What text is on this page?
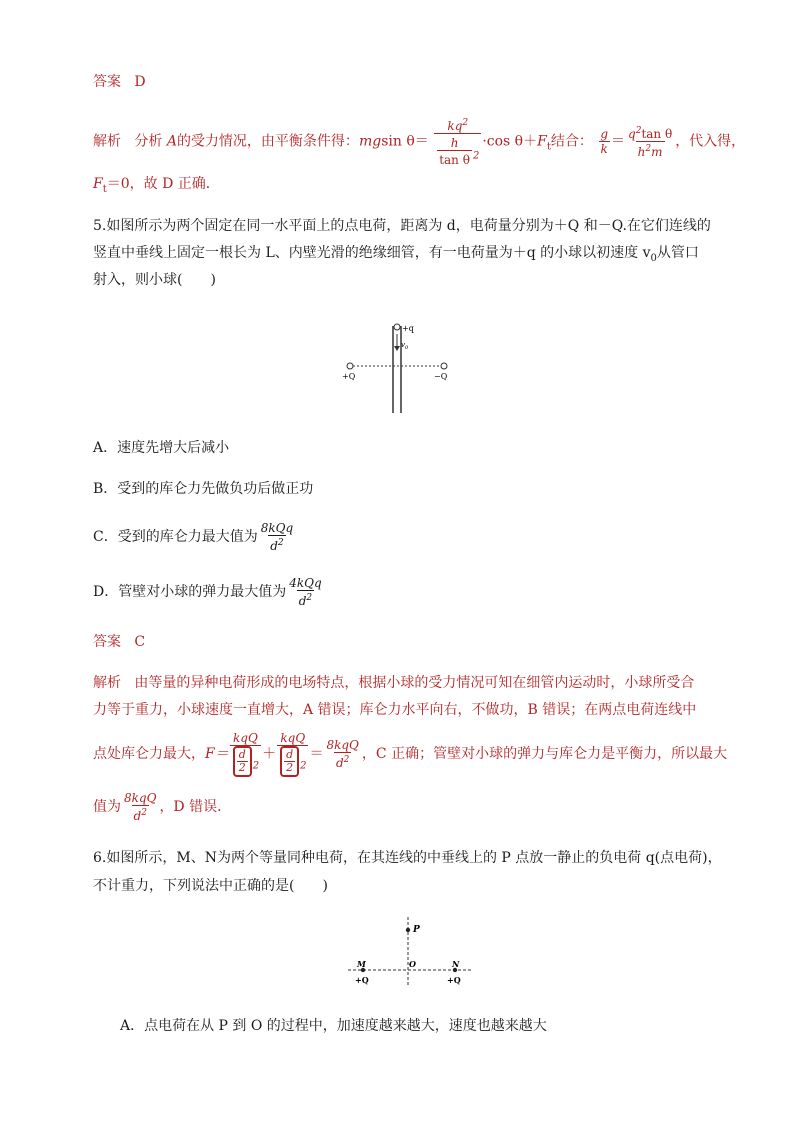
答案 D
解析 分析 A的受力情况，由平衡条件得：mgsin $\theta= \frac{kq^2}{\frac{h}{\text{tan θ}} _2} \cdot\cos$ $\theta+F_t$结合： $\frac{g}{k} = \frac{q^2\tan \theta}{h^2m}$ ，代入得，
$F_t=0$，故 D 正确．
5.如图所示为两个固定在同一水平面上的点电荷，距离为 d，电荷量分别为＋Q 和－Q.在它们连线的
竖直中垂线上固定一根长为 L、内壁光滑的绝缘细管，有一电荷量为＋q 的小球以初速度 $v_0$从管口
射入，则小球(　　)
+q
$v_0$
+Q	−Q
A．速度先增大后减小
B．受到的库仑力先做负功后做正功
C．受到的库仑力最大值为 $\frac{\text{8kQq}}{d^2}$
D．管壁对小球的弹力最大值为 $\frac{\text{4kQq}}{d^2}$
答案 C
解析 由等量的异种电荷形成的电场特点，根据小球的受力情况可知在细管内运动时，小球所受合
力等于重力，小球速度一直增大，A 错误；库仑力水平向右，不做功，B 错误；在两点电荷连线中
点处库仑力最大，$F= \frac{\text{kqQ}}{\frac{d}{2} _2} + \frac{\text{kqQ}}{\frac{d}{2} _2} = \frac{\text{8kqQ}}{d^2}$ ，C 正确；管壁对小球的弹力与库仑力是平衡力，所以最大
值为 $\frac{\text{8kqQ}}{d^2}$ ，D 错误．
6.如图所示，M、N为两个等量同种电荷，在其连线的中垂线上的 P 点放一静止的负电荷 q(点电荷)，
不计重力，下列说法中正确的是(　　)
P
M	O	N
+Q	+Q
A．点电荷在从 P 到 O 的过程中，加速度越来越大，速度也越来越大
